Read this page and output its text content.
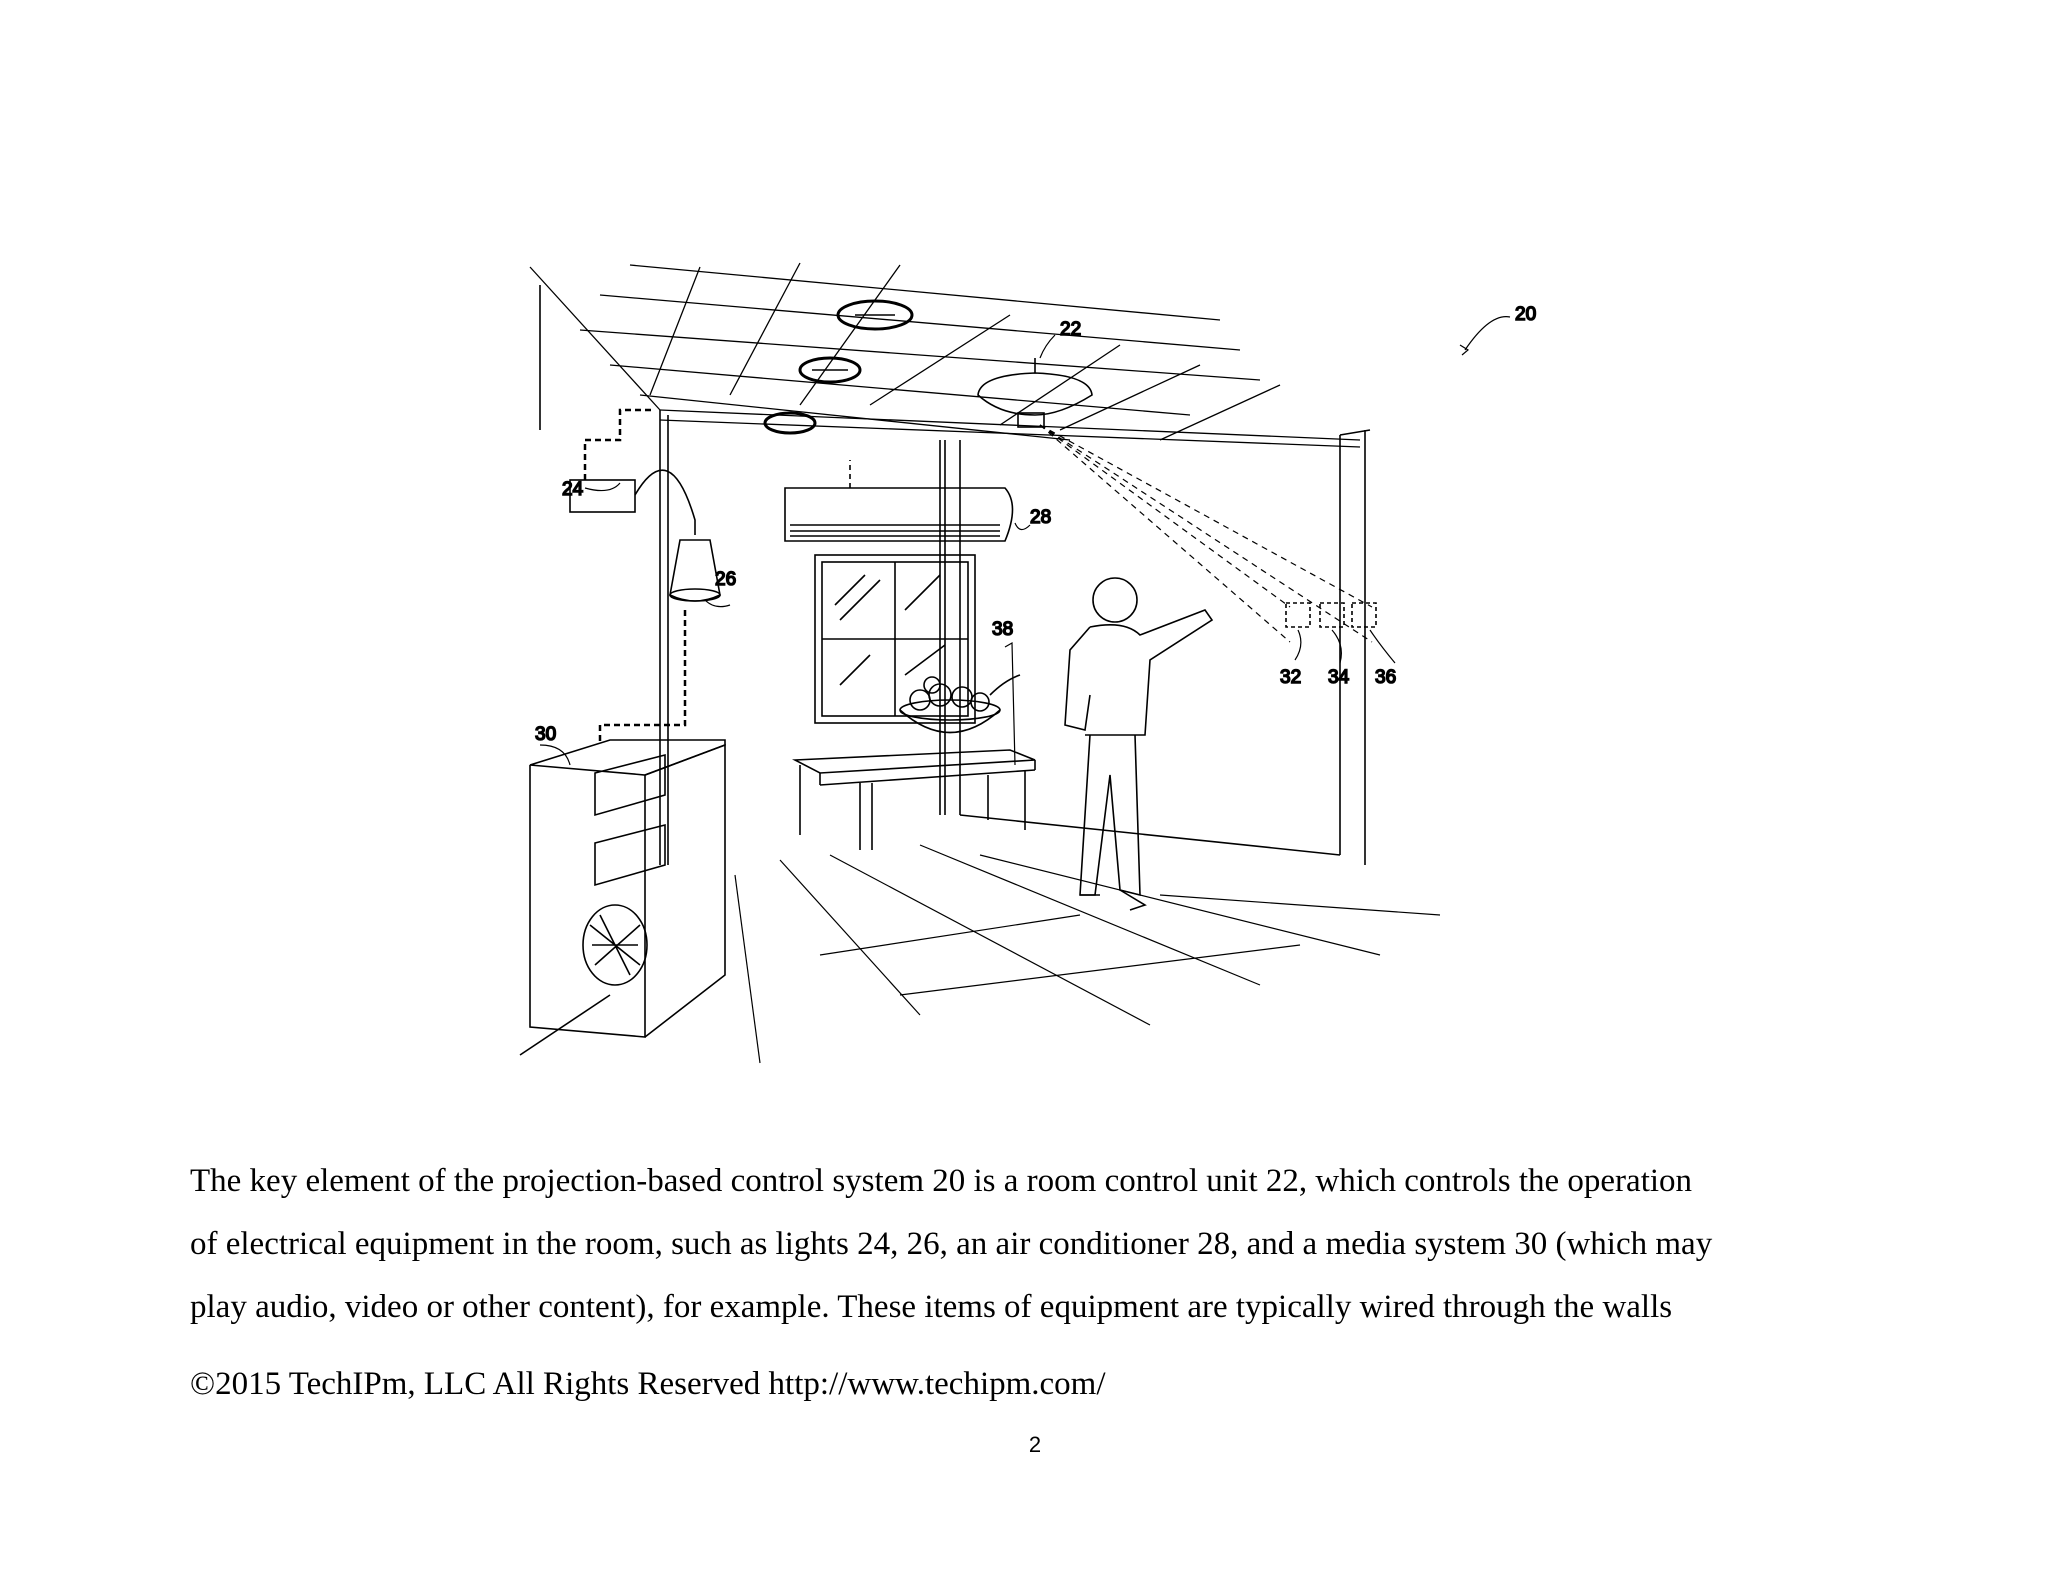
20
22
24
26
28
30
32 34 36
38
The key element of the projection-based control system 20 is a room control unit 22, which controls the operation
of electrical equipment in the room, such as lights 24, 26, an air conditioner 28, and a media system 30 (which may
play audio, video or other content), for example. These items of equipment are typically wired through the walls
©2015 TechIPm, LLC All Rights Reserved http://www.techipm.com/
2
